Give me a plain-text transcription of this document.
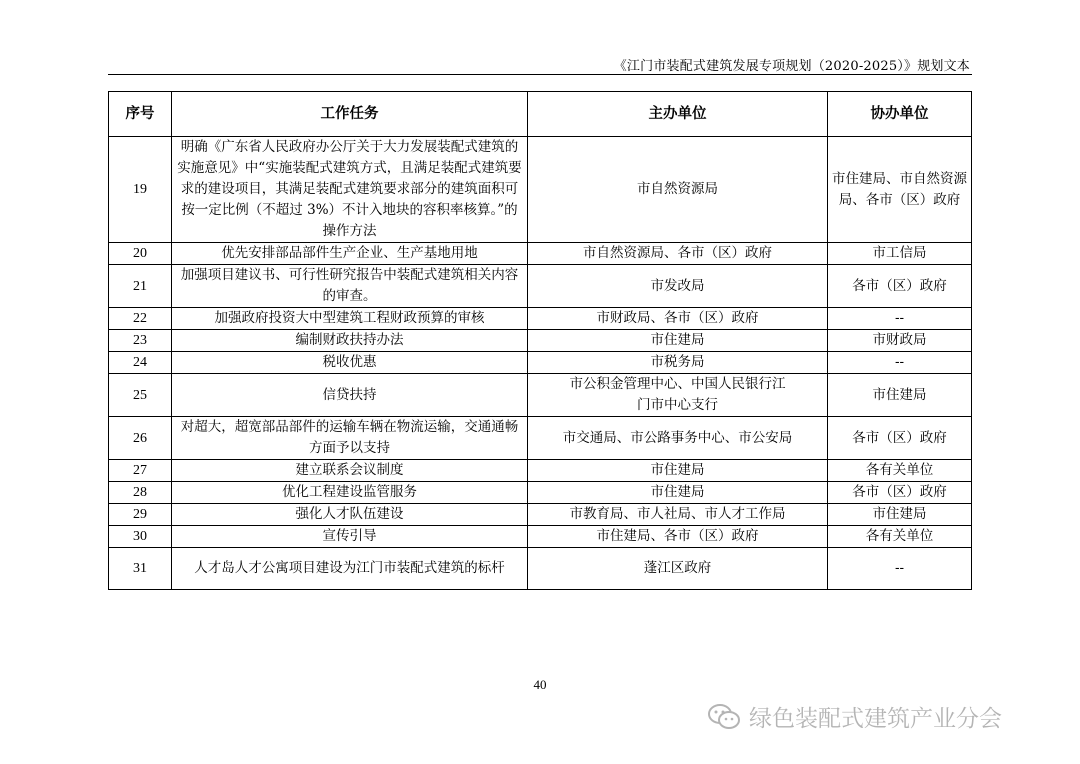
《江门市装配式建筑发展专项规划（2020-2025）》规划文本
序号	工作任务	主办单位	协办单位
19	明确《广东省人民政府办公厅关于大力发展装配式建筑的实施意见》中“实施装配式建筑方式，且满足装配式建筑要求的建设项目，其满足装配式建筑要求部分的建筑面积可按一定比例（不超过 3%）不计入地块的容积率核算。”的操作方法	市自然资源局	市住建局、市自然资源局、各市（区）政府
20	优先安排部品部件生产企业、生产基地用地	市自然资源局、各市（区）政府	市工信局
21	加强项目建议书、可行性研究报告中装配式建筑相关内容的审查。	市发改局	各市（区）政府
22	加强政府投资大中型建筑工程财政预算的审核	市财政局、各市（区）政府	--
23	编制财政扶持办法	市住建局	市财政局
24	税收优惠	市税务局	--
25	信贷扶持	市公积金管理中心、中国人民银行江门市中心支行	市住建局
26	对超大，超宽部品部件的运输车辆在物流运输，交通通畅方面予以支持	市交通局、市公路事务中心、市公安局	各市（区）政府
27	建立联系会议制度	市住建局	各有关单位
28	优化工程建设监管服务	市住建局	各市（区）政府
29	强化人才队伍建设	市教育局、市人社局、市人才工作局	市住建局
30	宣传引导	市住建局、各市（区）政府	各有关单位
31	人才岛人才公寓项目建设为江门市装配式建筑的标杆	蓬江区政府	--
40
绿色装配式建筑产业分会
